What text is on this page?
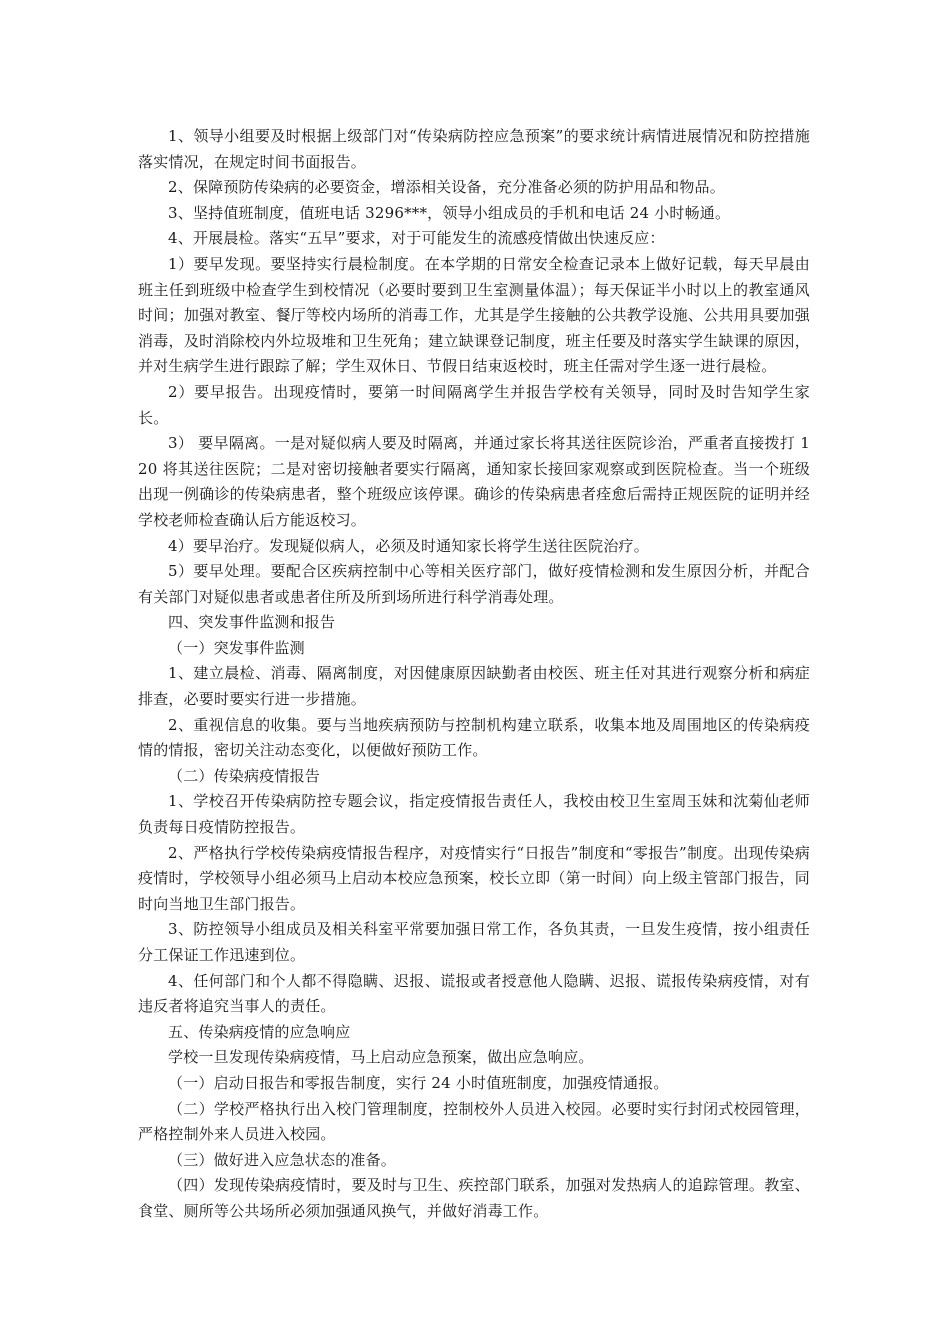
1、领导小组要及时根据上级部门对“传染病防控应急预案”的要求统计病情进展情况和防控措施落实情况，在规定时间书面报告。

2、保障预防传染病的必要资金，增添相关设备，充分准备必须的防护用品和物品。

3、坚持值班制度，值班电话 3296***，领导小组成员的手机和电话 24 小时畅通。

4、开展晨检。落实“五早”要求，对于可能发生的流感疫情做出快速反应：

1）要早发现。要坚持实行晨检制度。在本学期的日常安全检查记录本上做好记载，每天早晨由班主任到班级中检查学生到校情况（必要时要到卫生室测量体温）；每天保证半小时以上的教室通风时间；加强对教室、餐厅等校内场所的消毒工作，尤其是学生接触的公共教学设施、公共用具要加强消毒，及时消除校内外垃圾堆和卫生死角；建立缺课登记制度，班主任要及时落实学生缺课的原因，并对生病学生进行跟踪了解；学生双休日、节假日结束返校时，班主任需对学生逐一进行晨检。

2）要早报告。出现疫情时，要第一时间隔离学生并报告学校有关领导，同时及时告知学生家长。

3） 要早隔离。一是对疑似病人要及时隔离，并通过家长将其送往医院诊治，严重者直接拨打 120 将其送往医院；二是对密切接触者要实行隔离，通知家长接回家观察或到医院检查。当一个班级出现一例确诊的传染病患者，整个班级应该停课。确诊的传染病患者痊愈后需持正规医院的证明并经学校老师检查确认后方能返校习。

4）要早治疗。发现疑似病人，必须及时通知家长将学生送往医院治疗。

5）要早处理。要配合区疾病控制中心等相关医疗部门，做好疫情检测和发生原因分析，并配合有关部门对疑似患者或患者住所及所到场所进行科学消毒处理。

四、突发事件监测和报告

（一）突发事件监测

1、建立晨检、消毒、隔离制度，对因健康原因缺勤者由校医、班主任对其进行观察分析和病症排查，必要时要实行进一步措施。

2、重视信息的收集。要与当地疾病预防与控制机构建立联系，收集本地及周围地区的传染病疫情的情报，密切关注动态变化，以便做好预防工作。

（二）传染病疫情报告

1、学校召开传染病防控专题会议，指定疫情报告责任人，我校由校卫生室周玉妹和沈菊仙老师负责每日疫情防控报告。

2、严格执行学校传染病疫情报告程序，对疫情实行“日报告”制度和“零报告”制度。出现传染病疫情时，学校领导小组必须马上启动本校应急预案，校长立即（第一时间）向上级主管部门报告，同时向当地卫生部门报告。

3、防控领导小组成员及相关科室平常要加强日常工作，各负其责，一旦发生疫情，按小组责任分工保证工作迅速到位。

4、任何部门和个人都不得隐瞒、迟报、谎报或者授意他人隐瞒、迟报、谎报传染病疫情，对有违反者将追究当事人的责任。

五、传染病疫情的应急响应

学校一旦发现传染病疫情，马上启动应急预案，做出应急响应。

（一）启动日报告和零报告制度，实行 24 小时值班制度，加强疫情通报。

（二）学校严格执行出入校门管理制度，控制校外人员进入校园。必要时实行封闭式校园管理，严格控制外来人员进入校园。

（三）做好进入应急状态的准备。

（四）发现传染病疫情时，要及时与卫生、疾控部门联系，加强对发热病人的追踪管理。教室、食堂、厕所等公共场所必须加强通风换气，并做好消毒工作。
